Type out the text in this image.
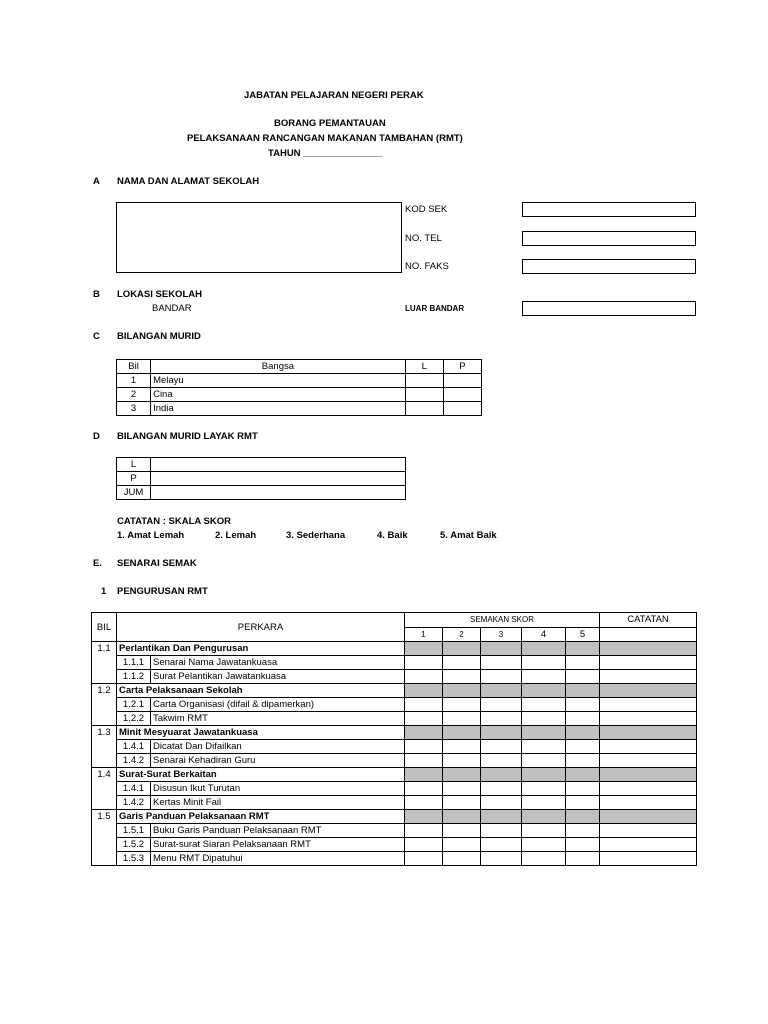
JABATAN PELAJARAN NEGERI PERAK
BORANG PEMANTAUAN
PELAKSANAAN RANCANGAN MAKANAN TAMBAHAN (RMT)
TAHUN _______________
A NAMA DAN ALAMAT SEKOLAH
KOD SEK
NO. TEL
NO. FAKS
B LOKASI SEKOLAH
BANDAR	LUAR BANDAR
C BILANGAN MURID
Bil	Bangsa	L	P
1	Melayu		
2	Cina		
3	India		
D BILANGAN MURID LAYAK RMT
L	
P	
JUM	
CATATAN : SKALA SKOR
1. Amat Lemah	2. Lemah	3. Sederhana	4. Baik	5. Amat Baik
E. SENARAI SEMAK
1 PENGURUSAN RMT
BIL	PERKARA		SEMAKAN SKOR					CATATAN
			1	2	3	4	5	
1.1	Perlantikan Dan Pengurusan							
	1.1.1	Senarai Nama Jawatankuasa						
	1.1.2	Surat Pelantikan Jawatankuasa						
1.2	Carta Pelaksanaan Sekolah							
	1.2.1	Carta Organisasi (difail & dipamerkan)						
	1.2.2	Takwim RMT						
1.3	Minit Mesyuarat Jawatankuasa							
	1.4.1	Dicatat Dan Difailkan						
	1.4.2	Senarai Kehadiran Guru						
1.4	Surat-Surat Berkaitan							
	1.4.1	Disusun Ikut Turutan						
	1.4.2	Kertas Minit Fail						
1.5	Garis Panduan Pelaksanaan RMT							
	1.5.1	Buku Garis Panduan Pelaksanaan RMT						
	1.5.2	Surat-surat Siaran Pelaksanaan RMT						
	1.5.3	Menu RMT Dipatuhui						
